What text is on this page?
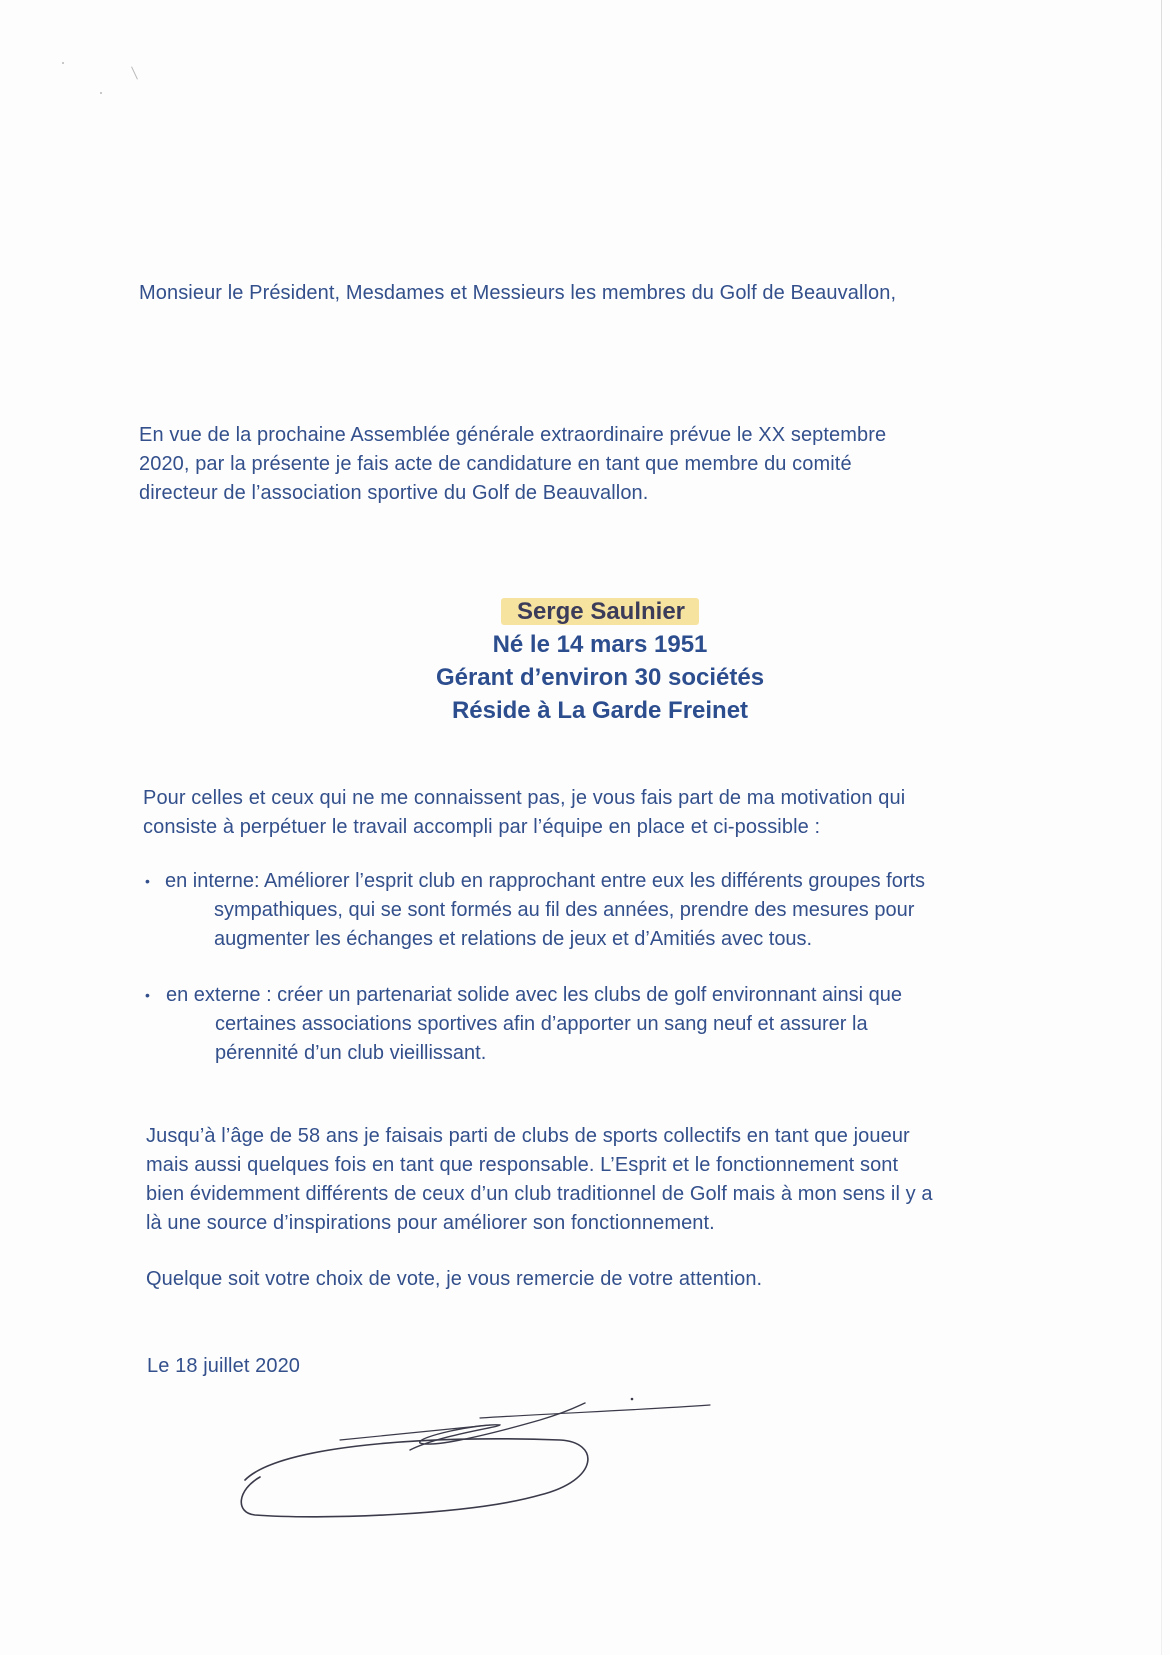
Monsieur le Président, Mesdames et Messieurs les membres du Golf de Beauvallon,
En vue de la prochaine Assemblée générale extraordinaire prévue le XX septembre
2020, par la présente je fais acte de candidature en tant que membre du comité
directeur de l’association sportive du Golf de Beauvallon.
Serge Saulnier
Né le 14 mars 1951
Gérant d’environ 30 sociétés
Réside à La Garde Freinet
Pour celles et ceux qui ne me connaissent pas, je vous fais part de ma motivation qui
consiste à perpétuer le travail accompli par l’équipe en place et ci-possible :
• en interne: Améliorer l’esprit club en rapprochant entre eux les différents groupes forts
sympathiques, qui se sont formés au fil des années, prendre des mesures pour
augmenter les échanges et relations de jeux et d’Amitiés avec tous.
• en externe : créer un partenariat solide avec les clubs de golf environnant ainsi que
certaines associations sportives afin d’apporter un sang neuf et assurer la
pérennité d’un club vieillissant.
Jusqu’à l’âge de 58 ans je faisais parti de clubs de sports collectifs en tant que joueur
mais aussi quelques fois en tant que responsable. L’Esprit et le fonctionnement sont
bien évidemment différents de ceux d’un club traditionnel de Golf mais à mon sens il y a
là une source d’inspirations pour améliorer son fonctionnement.
Quelque soit votre choix de vote, je vous remercie de votre attention.
Le 18 juillet 2020
